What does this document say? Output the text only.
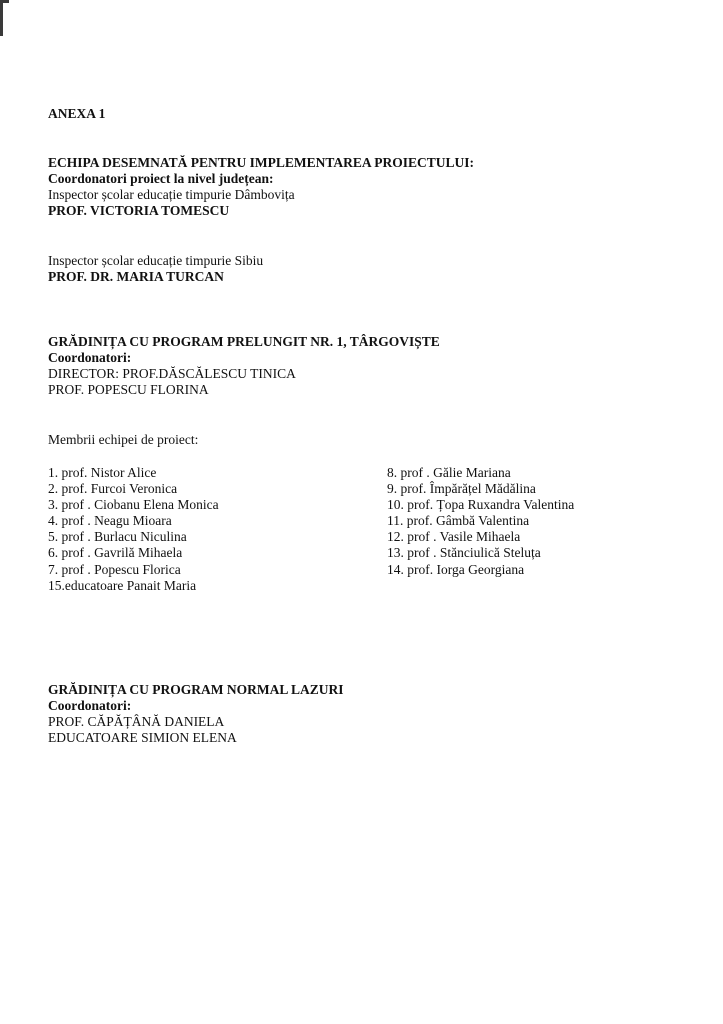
ANEXA 1
ECHIPA DESEMNATĂ PENTRU IMPLEMENTAREA PROIECTULUI:
Coordonatori proiect la nivel județean:
Inspector școlar educație timpurie Dâmbovița
PROF. VICTORIA TOMESCU
Inspector școlar educație timpurie Sibiu
PROF. DR. MARIA TURCAN
GRĂDINIȚA CU PROGRAM PRELUNGIT NR. 1, TÂRGOVIȘTE
Coordonatori:
DIRECTOR: PROF.DĂSCĂLESCU TINICA
PROF. POPESCU FLORINA
Membrii echipei de proiect:
1. prof. Nistor Alice
2. prof. Furcoi Veronica
3. prof . Ciobanu Elena Monica
4. prof . Neagu Mioara
5. prof . Burlacu Niculina
6. prof . Gavrilă Mihaela
7. prof . Popescu Florica
15.educatoare Panait Maria
8. prof . Gălie Mariana
9. prof. Împărățel Mădălina
10. prof. Țopa Ruxandra Valentina
11. prof. Gâmbă Valentina
12. prof . Vasile Mihaela
13. prof . Stănciulică Steluța
14. prof. Iorga Georgiana
GRĂDINIȚA CU PROGRAM NORMAL LAZURI
Coordonatori:
PROF. CĂPĂȚÂNĂ DANIELA
EDUCATOARE SIMION ELENA
